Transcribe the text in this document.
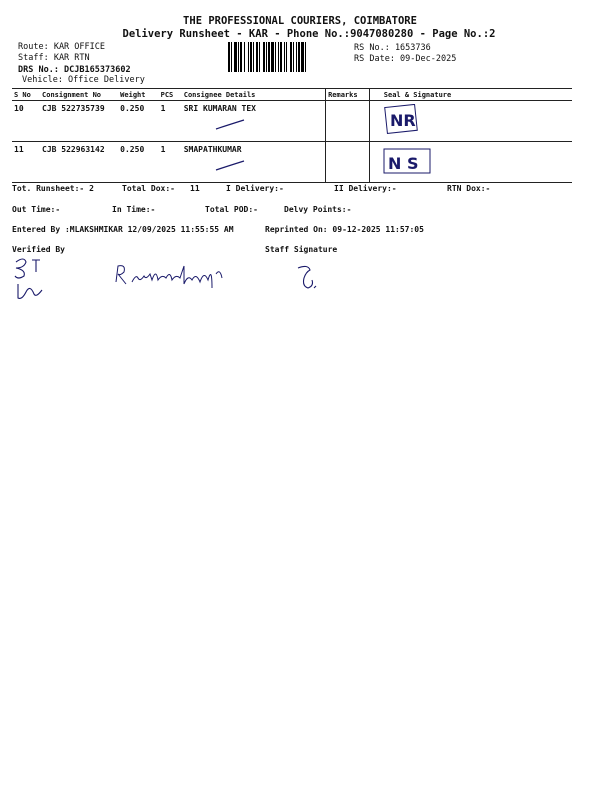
THE PROFESSIONAL COURIERS, COIMBATORE
Delivery Runsheet - KAR - Phone No.:9047080280 - Page No.:2
Route: KAR OFFICE
Staff: KAR RTN
DRS No.: DCJB165373602
Vehicle: Office Delivery
RS No.: 1653736
RS Date: 09-Dec-2025
S No	Consignment No	Weight	PCS	Consignee Details	Remarks	Seal & Signature
10	CJB 522735739	0.250	1	SRI KUMARAN TEX		NR

11	CJB 522963142	0.250	1	SMAPATHKUMAR		N S
Tot. Runsheet:- 2	Total Dox:- 11	I Delivery:-	II Delivery:-	RTN Dox:-
Out Time:-	In Time:-	Total POD:-	Delvy Points:-
Entered By :MLAKSHMIKAR 12/09/2025 11:55:55 AM	Reprinted On: 09-12-2025 11:57:05
Verified By	Staff Signature
